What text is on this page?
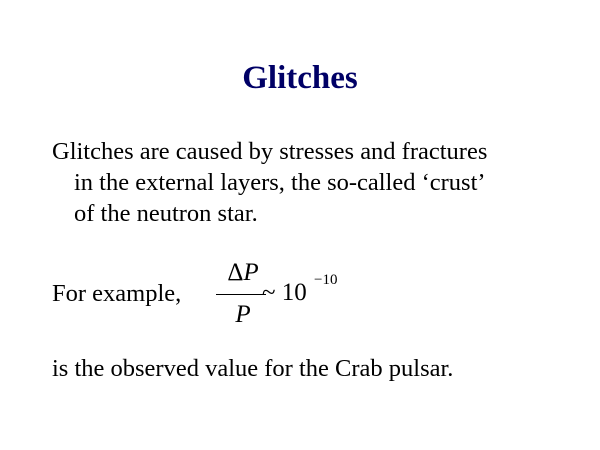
Glitches
Glitches are caused by stresses and fractures
in the external layers, the so-called ‘crust’
of the neutron star.
For example,
ΔP
P
~ 10 −10
is the observed value for the Crab pulsar.
